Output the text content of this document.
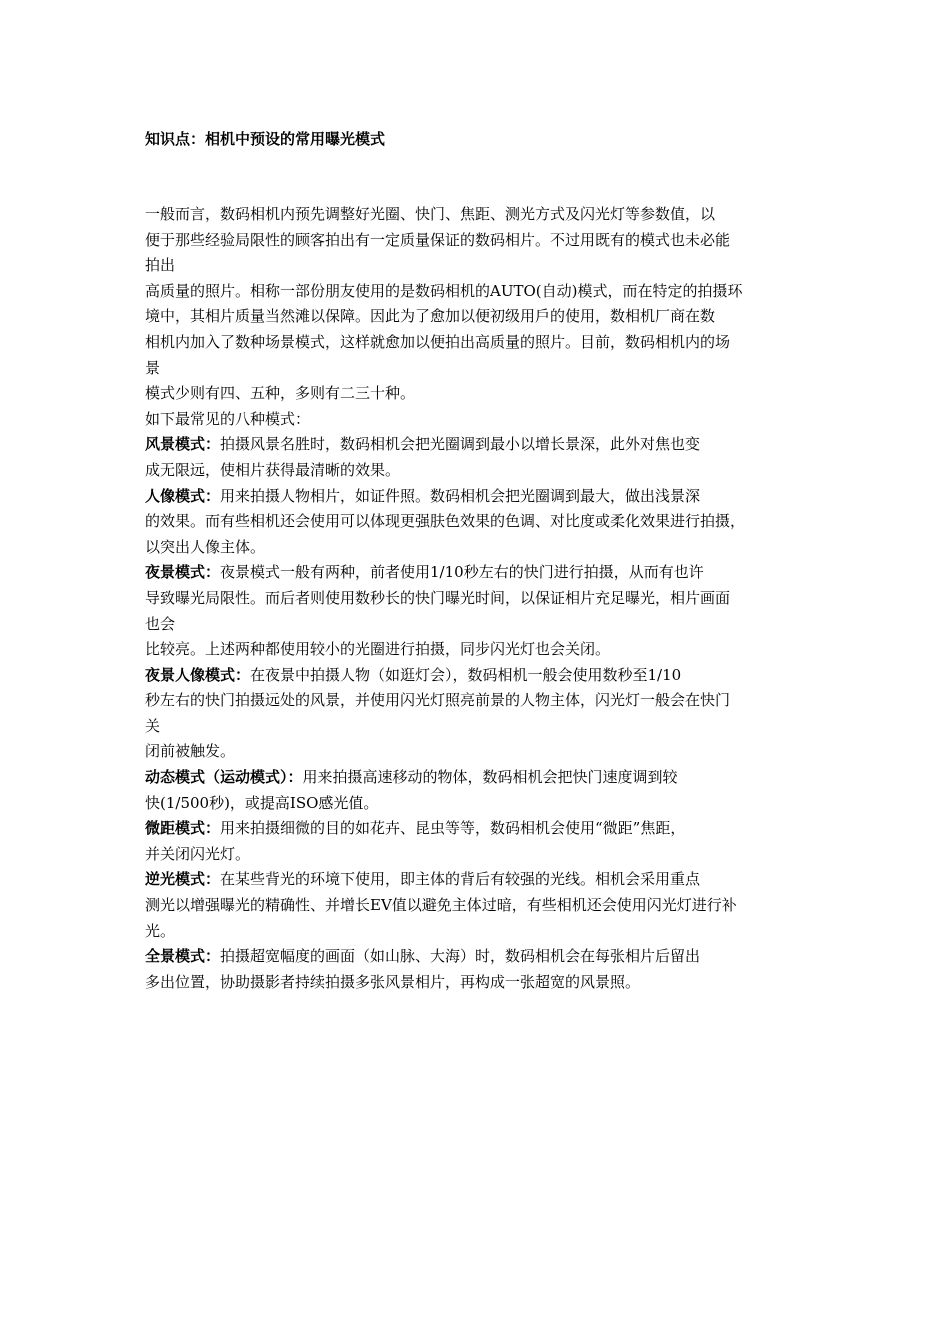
知识点：相机中预设的常用曝光模式
一般而言，数码相机内预先调整好光圈、快门、焦距、测光方式及闪光灯等参数值，以
便于那些经验局限性的顾客拍出有一定质量保证的数码相片。不过用既有的模式也未必能
拍出
高质量的照片。相称一部份朋友使用的是数码相机的AUTO(自动)模式，而在特定的拍摄环
境中，其相片质量当然滩以保障。因此为了愈加以便初级用戶的使用，数相机厂商在数
相机内加入了数种场景模式，这样就愈加以便拍出高质量的照片。目前，数码相机内的场
景
模式少则有四、五种，多则有二三十种。
如下最常见的八种模式：
风景模式：拍摄风景名胜时，数码相机会把光圈调到最小以增长景深，此外对焦也变
成无限远，使相片获得最清晰的效果。
人像模式：用来拍摄人物相片，如证件照。数码相机会把光圈调到最大，做出浅景深
的效果。而有些相机还会使用可以体现更强肤色效果的色调、对比度或柔化效果进行拍摄，
以突出人像主体。
夜景模式：夜景模式一般有两种，前者使用1/10秒左右的快门进行拍摄，从而有也许
导致曝光局限性。而后者则使用数秒长的快门曝光时间，以保证相片充足曝光，相片画面
也会
比较亮。上述两种都使用较小的光圈进行拍摄，同步闪光灯也会关闭。
夜景人像模式：在夜景中拍摄人物（如逛灯会），数码相机一般会使用数秒至1/10
秒左右的快门拍摄远处的风景，并使用闪光灯照亮前景的人物主体，闪光灯一般会在快门
关
闭前被触发。
动态模式（运动模式）：用来拍摄高速移动的物体，数码相机会把快门速度调到较
快(1/500秒)，或提高ISO感光值。
微距模式：用来拍摄细微的目的如花卉、昆虫等等，数码相机会使用“微距”焦距，
并关闭闪光灯。
逆光模式：在某些背光的环境下使用，即主体的背后有较强的光线。相机会采用重点
测光以增强曝光的精确性、并增长EV值以避免主体过暗，有些相机还会使用闪光灯进行补
光。
全景模式：拍摄超宽幅度的画面（如山脉、大海）时，数码相机会在每张相片后留出
多出位置，协助摄影者持续拍摄多张风景相片，再构成一张超宽的风景照。
